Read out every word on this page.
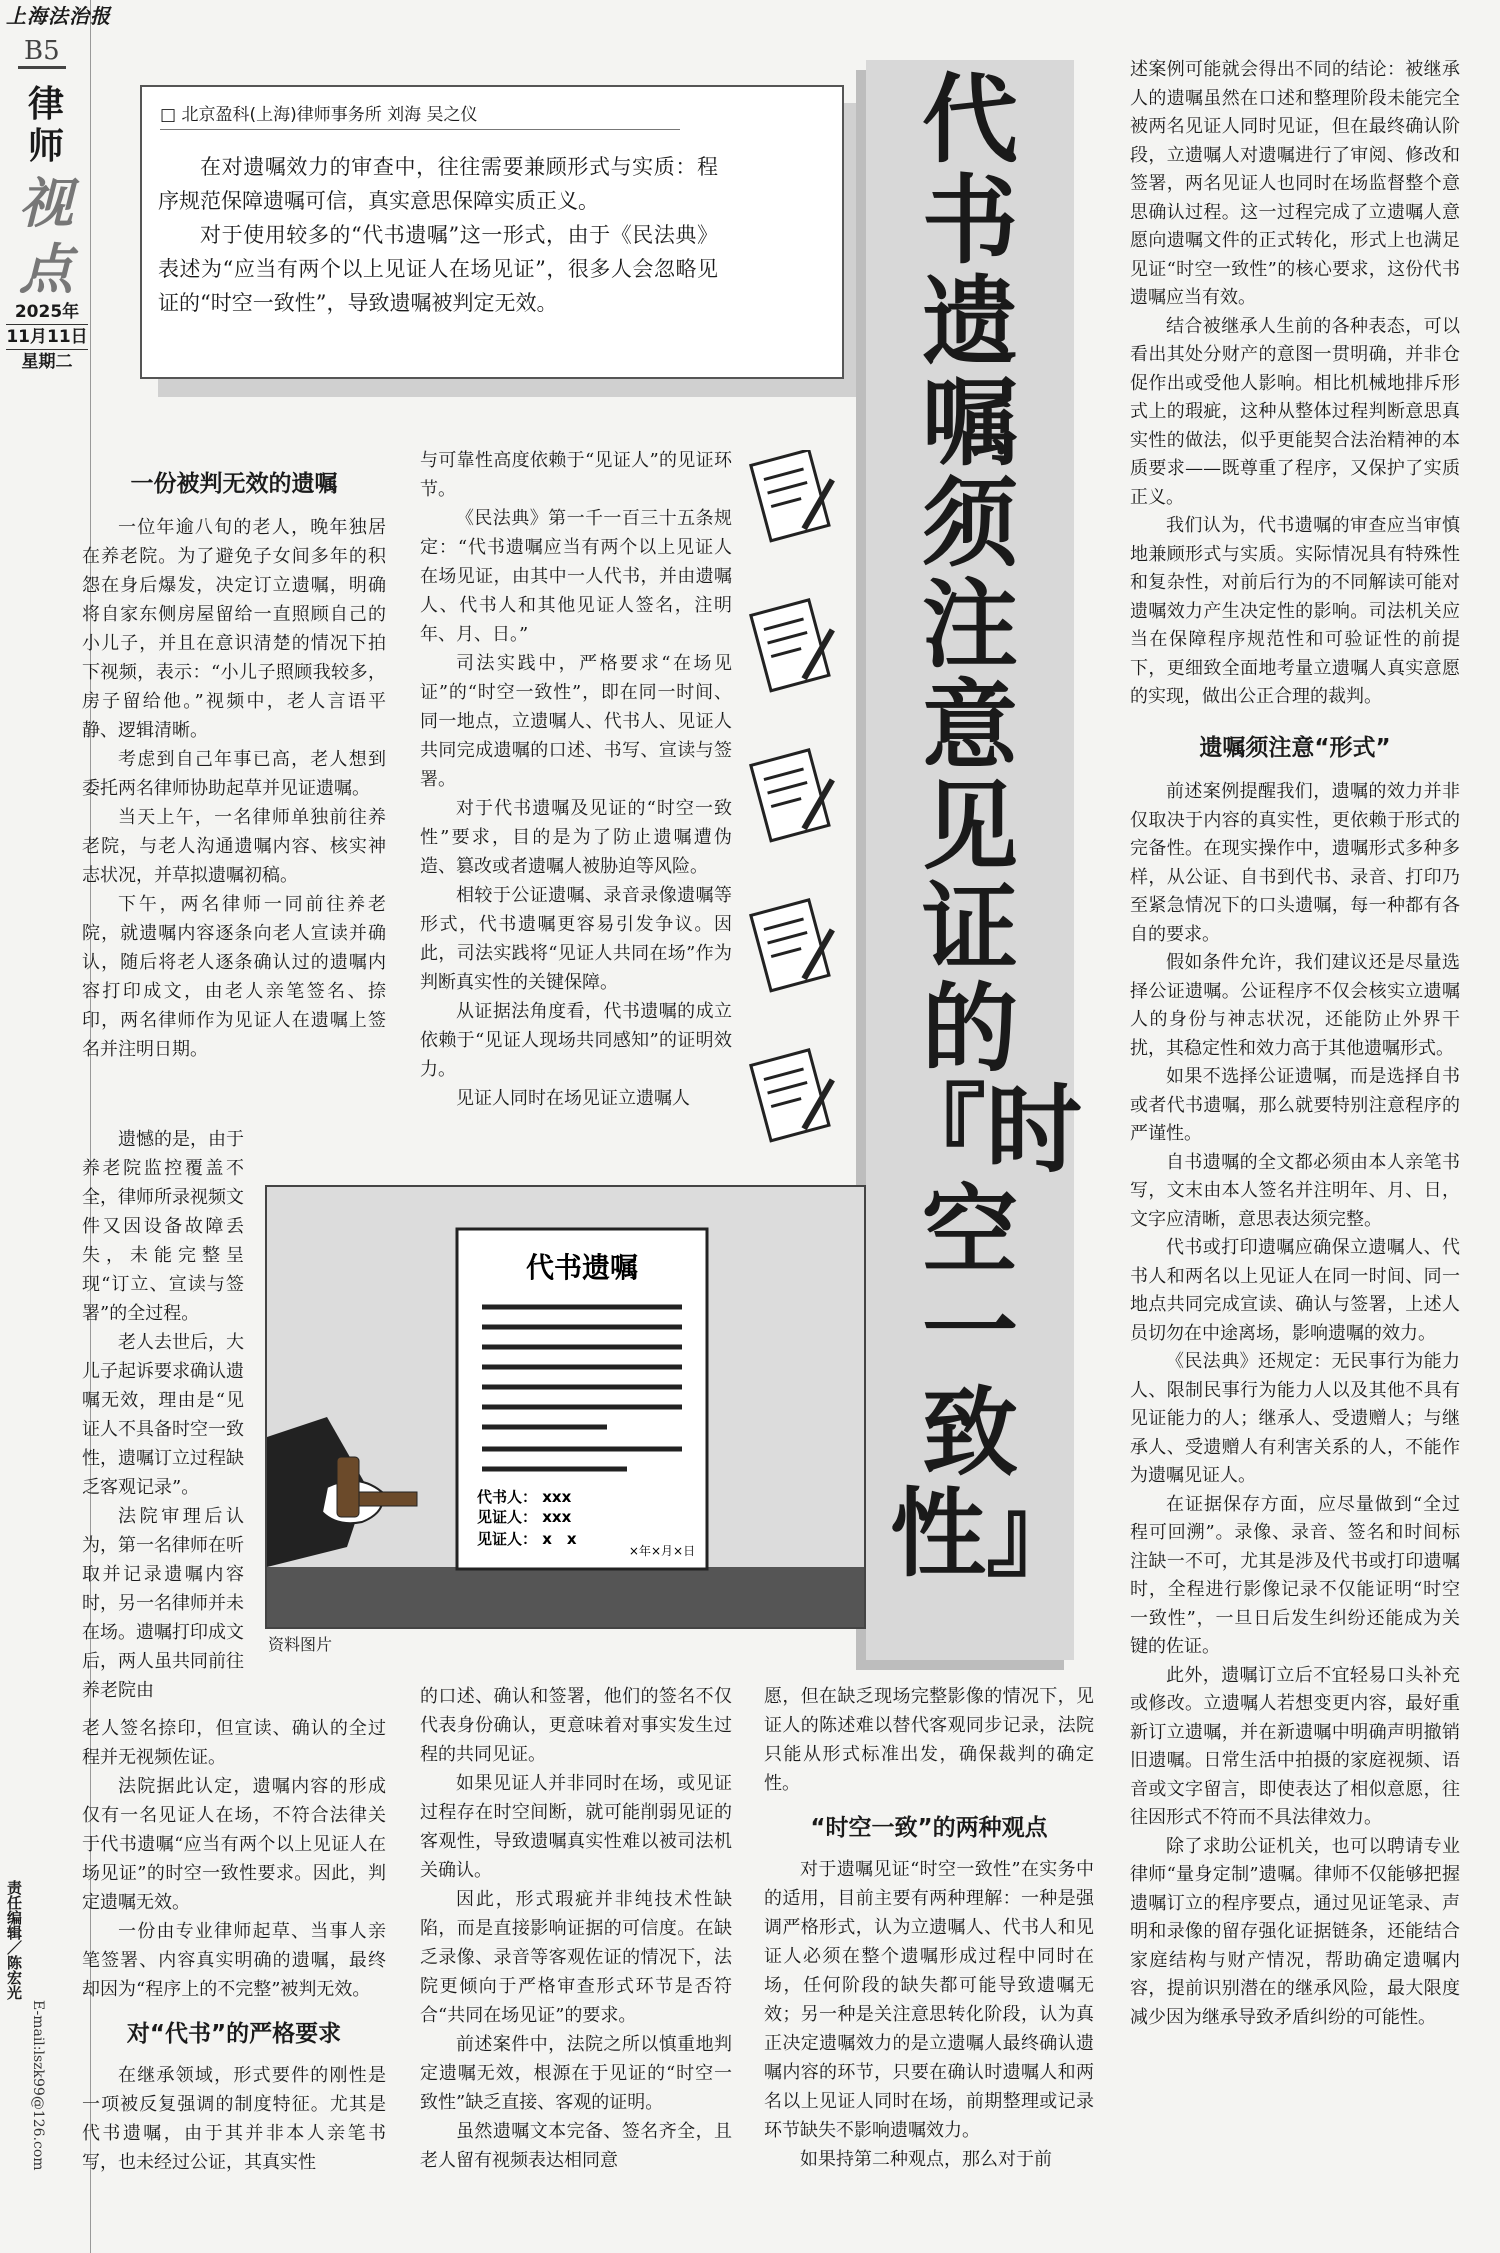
上海法治报
B5
律师
视点
2025年
11月11日
星期二
责任编辑／陈宏光
E-mail:lszk99@126.com
□ 北京盈科(上海)律师事务所 刘海 吴之仪

在对遗嘱效力的审查中，往往需要兼顾形式与实质：程序规范保障遗嘱可信，真实意思保障实质正义。

对于使用较多的“代书遗嘱”这一形式，由于《民法典》表述为“应当有两个以上见证人在场见证”，很多人会忽略见证的“时空一致性”，导致遗嘱被判定无效。

代书遗嘱须注意见证的『时空一致性』
一份被判无效的遗嘱

一位年逾八旬的老人，晚年独居在养老院。为了避免子女间多年的积怨在身后爆发，决定订立遗嘱，明确将自家东侧房屋留给一直照顾自己的小儿子，并且在意识清楚的情况下拍下视频，表示：“小儿子照顾我较多，房子留给他。”视频中，老人言语平静、逻辑清晰。

考虑到自己年事已高，老人想到委托两名律师协助起草并见证遗嘱。

当天上午，一名律师单独前往养老院，与老人沟通遗嘱内容、核实神志状况，并草拟遗嘱初稿。

下午，两名律师一同前往养老院，就遗嘱内容逐条向老人宣读并确认，随后将老人逐条确认过的遗嘱内容打印成文，由老人亲笔签名、捺印，两名律师作为见证人在遗嘱上签名并注明日期。

遗憾的是，由于养老院监控覆盖不全，律师所录视频文件又因设备故障丢失，未能完整呈现“订立、宣读与签署”的全过程。

老人去世后，大儿子起诉要求确认遗嘱无效，理由是“见证人不具备时空一致性，遗嘱订立过程缺乏客观记录”。

法院审理后认为，第一名律师在听取并记录遗嘱内容时，另一名律师并未在场。遗嘱打印成文后，两人虽共同前往养老院由

老人签名捺印，但宣读、确认的全过程并无视频佐证。

法院据此认定，遗嘱内容的形成仅有一名见证人在场，不符合法律关于代书遗嘱“应当有两个以上见证人在场见证”的时空一致性要求。因此，判定遗嘱无效。

一份由专业律师起草、当事人亲笔签署、内容真实明确的遗嘱，最终却因为“程序上的不完整”被判无效。

对“代书”的严格要求

在继承领域，形式要件的刚性是一项被反复强调的制度特征。尤其是代书遗嘱，由于其并非本人亲笔书写，也未经过公证，其真实性

与可靠性高度依赖于“见证人”的见证环节。

《民法典》第一千一百三十五条规定：“代书遗嘱应当有两个以上见证人在场见证，由其中一人代书，并由遗嘱人、代书人和其他见证人签名，注明年、月、日。”

司法实践中，严格要求“在场见证”的“时空一致性”，即在同一时间、同一地点，立遗嘱人、代书人、见证人共同完成遗嘱的口述、书写、宣读与签署。

对于代书遗嘱及见证的“时空一致性”要求，目的是为了防止遗嘱遭伪造、篡改或者遗嘱人被胁迫等风险。

相较于公证遗嘱、录音录像遗嘱等形式，代书遗嘱更容易引发争议。因此，司法实践将“见证人共同在场”作为判断真实性的关键保障。

从证据法角度看，代书遗嘱的成立依赖于“见证人现场共同感知”的证明效力。

见证人同时在场见证立遗嘱人

的口述、确认和签署，他们的签名不仅代表身份确认，更意味着对事实发生过程的共同见证。

如果见证人并非同时在场，或见证过程存在时空间断，就可能削弱见证的客观性，导致遗嘱真实性难以被司法机关确认。

因此，形式瑕疵并非纯技术性缺陷，而是直接影响证据的可信度。在缺乏录像、录音等客观佐证的情况下，法院更倾向于严格审查形式环节是否符合“共同在场见证”的要求。

前述案件中，法院之所以慎重地判定遗嘱无效，根源在于见证的“时空一致性”缺乏直接、客观的证明。

虽然遗嘱文本完备、签名齐全，且老人留有视频表达相同意

代书遗嘱
代书人： xxx
见证人： xxx
见证人： x　x
×年×月×日
资料图片

愿，但在缺乏现场完整影像的情况下，见证人的陈述难以替代客观同步记录，法院只能从形式标准出发，确保裁判的确定性。

“时空一致”的两种观点

对于遗嘱见证“时空一致性”在实务中的适用，目前主要有两种理解：一种是强调严格形式，认为立遗嘱人、代书人和见证人必须在整个遗嘱形成过程中同时在场，任何阶段的缺失都可能导致遗嘱无效；另一种是关注意思转化阶段，认为真正决定遗嘱效力的是立遗嘱人最终确认遗嘱内容的环节，只要在确认时遗嘱人和两名以上见证人同时在场，前期整理或记录环节缺失不影响遗嘱效力。

如果持第二种观点，那么对于前

述案例可能就会得出不同的结论：被继承人的遗嘱虽然在口述和整理阶段未能完全被两名见证人同时见证，但在最终确认阶段，立遗嘱人对遗嘱进行了审阅、修改和签署，两名见证人也同时在场监督整个意思确认过程。这一过程完成了立遗嘱人意愿向遗嘱文件的正式转化，形式上也满足见证“时空一致性”的核心要求，这份代书遗嘱应当有效。

结合被继承人生前的各种表态，可以看出其处分财产的意图一贯明确，并非仓促作出或受他人影响。相比机械地排斥形式上的瑕疵，这种从整体过程判断意思真实性的做法，似乎更能契合法治精神的本质要求——既尊重了程序，又保护了实质正义。

我们认为，代书遗嘱的审查应当审慎地兼顾形式与实质。实际情况具有特殊性和复杂性，对前后行为的不同解读可能对遗嘱效力产生决定性的影响。司法机关应当在保障程序规范性和可验证性的前提下，更细致全面地考量立遗嘱人真实意愿的实现，做出公正合理的裁判。

遗嘱须注意“形式”

前述案例提醒我们，遗嘱的效力并非仅取决于内容的真实性，更依赖于形式的完备性。在现实操作中，遗嘱形式多种多样，从公证、自书到代书、录音、打印乃至紧急情况下的口头遗嘱，每一种都有各自的要求。

假如条件允许，我们建议还是尽量选择公证遗嘱。公证程序不仅会核实立遗嘱人的身份与神志状况，还能防止外界干扰，其稳定性和效力高于其他遗嘱形式。

如果不选择公证遗嘱，而是选择自书或者代书遗嘱，那么就要特别注意程序的严谨性。

自书遗嘱的全文都必须由本人亲笔书写，文末由本人签名并注明年、月、日，文字应清晰，意思表达须完整。

代书或打印遗嘱应确保立遗嘱人、代书人和两名以上见证人在同一时间、同一地点共同完成宣读、确认与签署，上述人员切勿在中途离场，影响遗嘱的效力。

《民法典》还规定：无民事行为能力人、限制民事行为能力人以及其他不具有见证能力的人；继承人、受遗赠人；与继承人、受遗赠人有利害关系的人，不能作为遗嘱见证人。

在证据保存方面，应尽量做到“全过程可回溯”。录像、录音、签名和时间标注缺一不可，尤其是涉及代书或打印遗嘱时，全程进行影像记录不仅能证明“时空一致性”，一旦日后发生纠纷还能成为关键的佐证。

此外，遗嘱订立后不宜轻易口头补充或修改。立遗嘱人若想变更内容，最好重新订立遗嘱，并在新遗嘱中明确声明撤销旧遗嘱。日常生活中拍摄的家庭视频、语音或文字留言，即使表达了相似意愿，往往因形式不符而不具法律效力。

除了求助公证机关，也可以聘请专业律师“量身定制”遗嘱。律师不仅能够把握遗嘱订立的程序要点，通过见证笔录、声明和录像的留存强化证据链条，还能结合家庭结构与财产情况，帮助确定遗嘱内容，提前识别潜在的继承风险，最大限度减少因为继承导致矛盾纠纷的可能性。
